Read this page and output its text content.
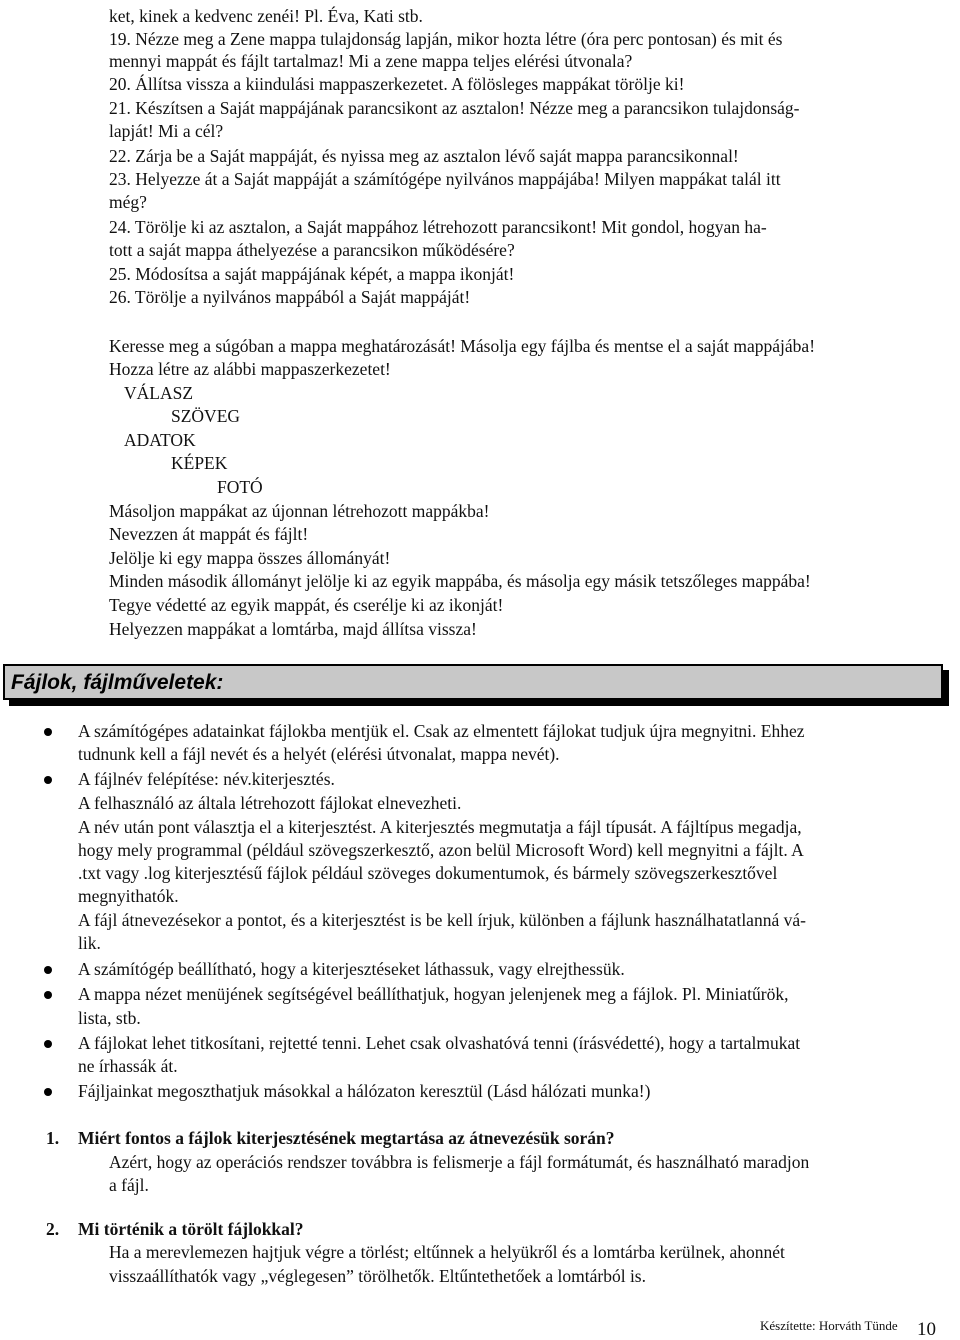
ket, kinek a kedvenc zenéi! Pl. Éva, Kati stb.
19. Nézze meg a Zene mappa tulajdonság lapján, mikor hozta létre (óra perc pontosan) és mit és
mennyi mappát és fájlt tartalmaz! Mi a zene mappa teljes elérési útvonala?
20. Állítsa vissza a kiindulási mappaszerkezetet. A fölösleges mappákat törölje ki!
21. Készítsen a Saját mappájának parancsikont az asztalon! Nézze meg a parancsikon tulajdonság-
lapját! Mi a cél?
22. Zárja be a Saját mappáját, és nyissa meg az asztalon lévő saját mappa parancsikonnal!
23. Helyezze át a Saját mappáját a számítógépe nyilvános mappájába! Milyen mappákat talál itt
még?
24. Törölje ki az asztalon, a Saját mappához létrehozott parancsikont! Mit gondol, hogyan ha-
tott a saját mappa áthelyezése a parancsikon működésére?
25. Módosítsa a saját mappájának képét, a mappa ikonját!
26. Törölje a nyilvános mappából a Saját mappáját!
Keresse meg a súgóban a mappa meghatározását! Másolja egy fájlba és mentse el a saját mappájába!
Hozza létre az alábbi mappaszerkezetet!
VÁLASZ
SZÖVEG
ADATOK
KÉPEK
FOTÓ
Másoljon mappákat az újonnan létrehozott mappákba!
Nevezzen át mappát és fájlt!
Jelölje ki egy mappa összes állományát!
Minden második állományt jelölje ki az egyik mappába, és másolja egy másik tetszőleges mappába!
Tegye védetté az egyik mappát, és cserélje ki az ikonját!
Helyezzen mappákat a lomtárba, majd állítsa vissza!
Fájlok, fájlműveletek:
A számítógépes adatainkat fájlokba mentjük el. Csak az elmentett fájlokat tudjuk újra megnyitni. Ehhez
tudnunk kell a fájl nevét és a helyét (elérési útvonalat, mappa nevét).
A fájlnév felépítése: név.kiterjesztés.
A felhasználó az általa létrehozott fájlokat elnevezheti.
A név után pont választja el a kiterjesztést. A kiterjesztés megmutatja a fájl típusát. A fájltípus megadja,
hogy mely programmal (például szövegszerkesztő, azon belül Microsoft Word) kell megnyitni a fájlt. A
.txt vagy .log kiterjesztésű fájlok például szöveges dokumentumok, és bármely szövegszerkesztővel
megnyithatók.
A fájl átnevezésekor a pontot, és a kiterjesztést is be kell írjuk, különben a fájlunk használhatatlanná vá-
lik.
A számítógép beállítható, hogy a kiterjesztéseket láthassuk, vagy elrejthessük.
A mappa nézet menüjének segítségével beállíthatjuk, hogyan jelenjenek meg a fájlok. Pl. Miniatűrök,
lista, stb.
A fájlokat lehet titkosítani, rejtetté tenni. Lehet csak olvashatóvá tenni (írásvédetté), hogy a tartalmukat
ne írhassák át.
Fájljainkat megoszthatjuk másokkal a hálózaton keresztül (Lásd hálózati munka!)
1. Miért fontos a fájlok kiterjesztésének megtartása az átnevezésük során?
Azért, hogy az operációs rendszer továbbra is felismerje a fájl formátumát, és használható maradjon
a fájl.
2. Mi történik a törölt fájlokkal?
Ha a merevlemezen hajtjuk végre a törlést; eltűnnek a helyükről és a lomtárba kerülnek, ahonnét
visszaállíthatók vagy „véglegesen” törölhetők. Eltűntethetőek a lomtárból is.
Készítette: Horváth Tünde 10
